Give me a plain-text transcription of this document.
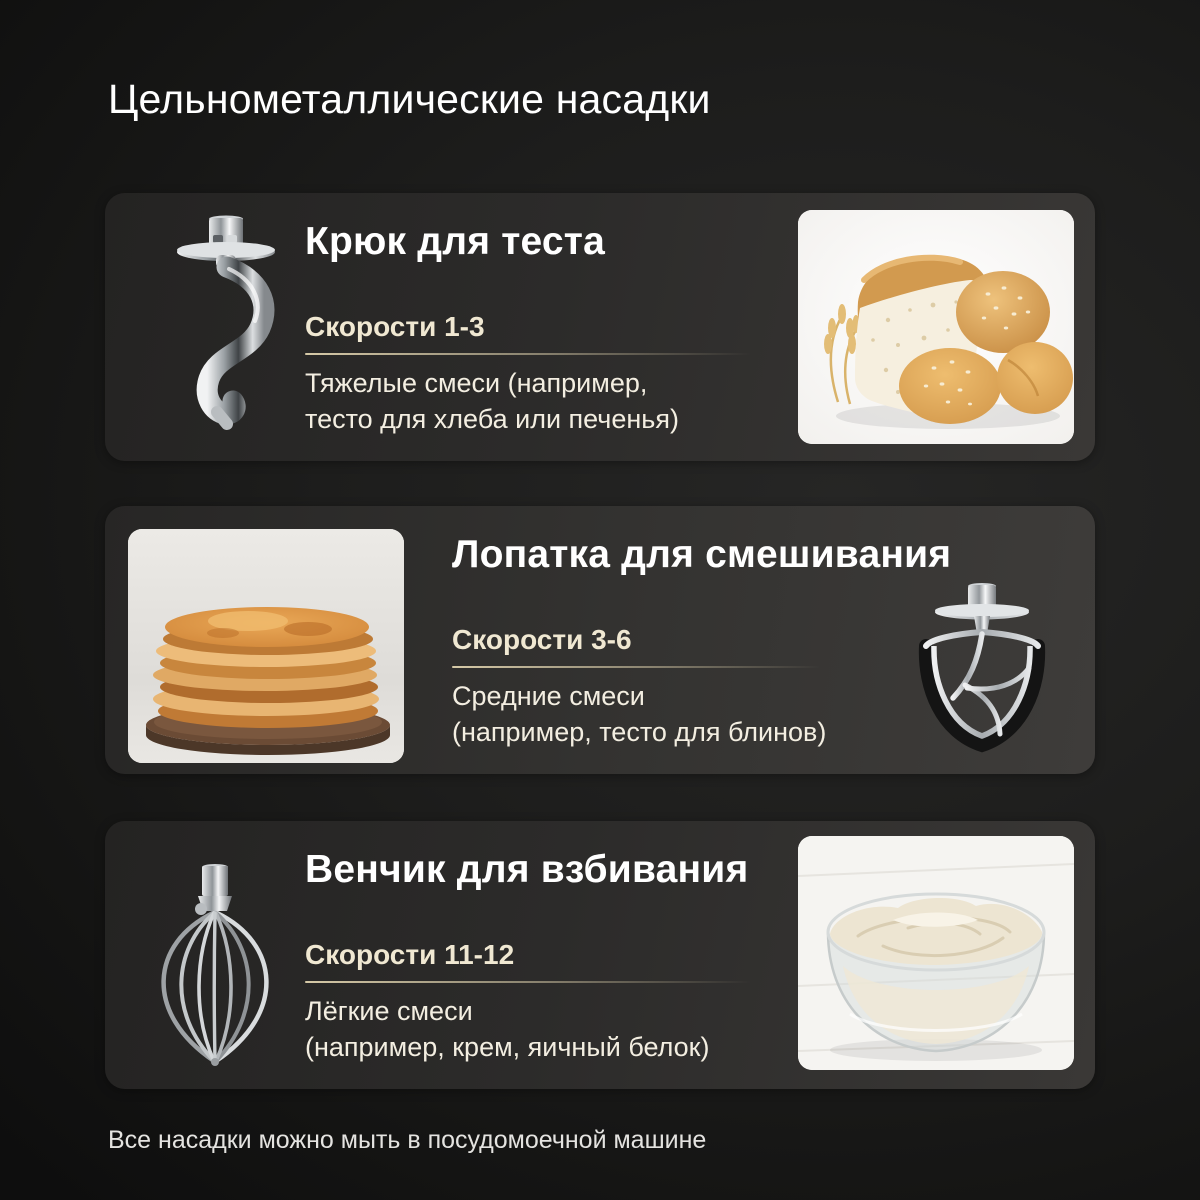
Цельнометаллические насадки
Крюк для теста
Скорости 1-3
Тяжелые смеси (например,
тесто для хлеба или печенья)
Лопатка для смешивания
Скорости 3-6
Средние смеси
(например, тесто для блинов)
Венчик для взбивания
Скорости 11-12
Лёгкие смеси
(например, крем, яичный белок)
Все насадки можно мыть в посудомоечной машине
